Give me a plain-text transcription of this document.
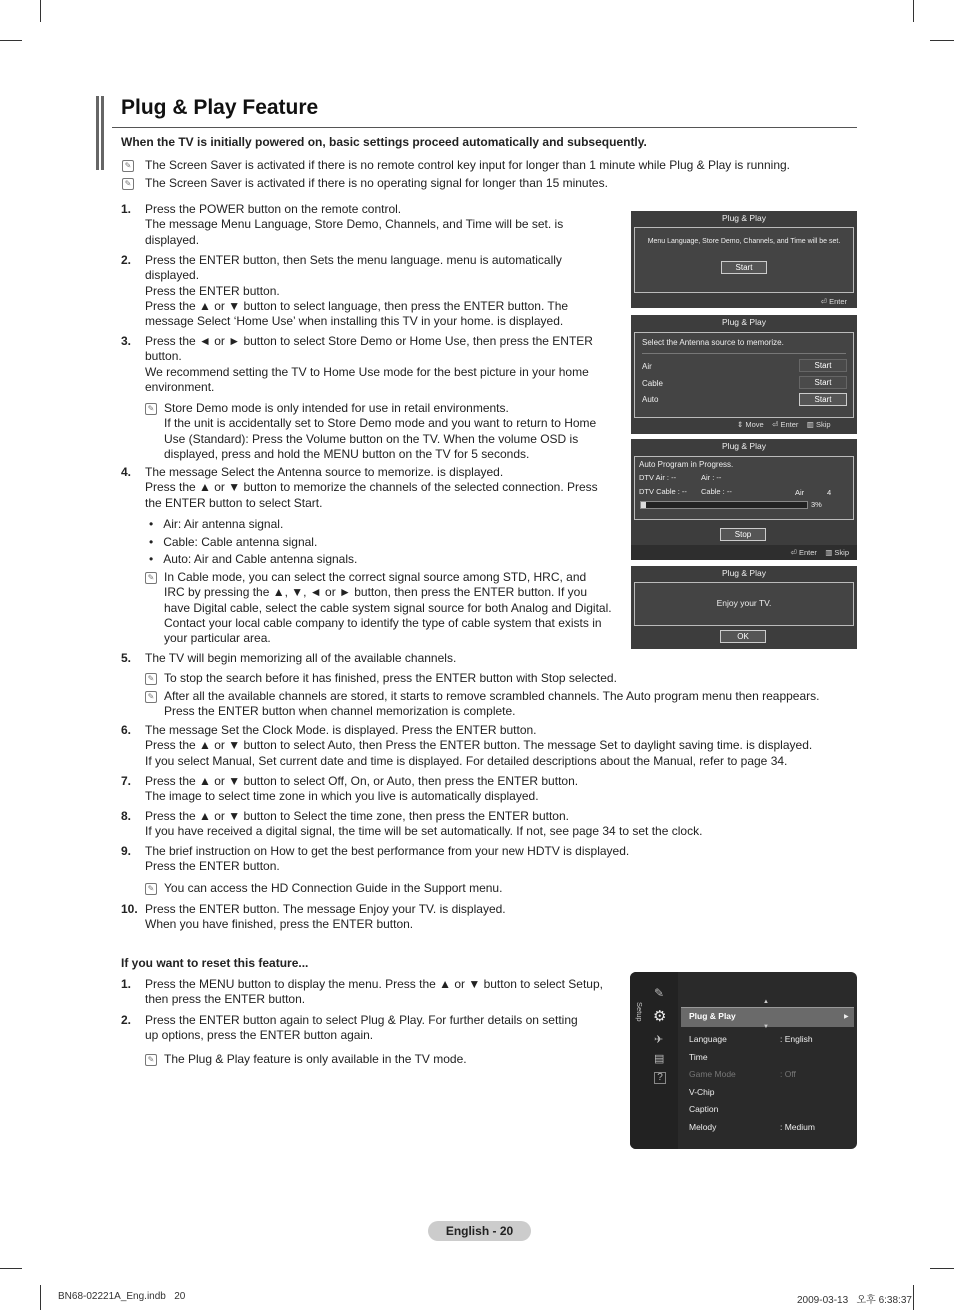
Plug & Play Feature
When the TV is initially powered on, basic settings proceed automatically and subsequently.
✎ The Screen Saver is activated if there is no remote control key input for longer than 1 minute while Plug & Play is running.
✎ The Screen Saver is activated if there is no operating signal for longer than 15 minutes.
1. Press the POWER button on the remote control.
The message Menu Language, Store Demo, Channels, and Time will be set. is
displayed.
2. Press the ENTER button, then Sets the menu language. menu is automatically
displayed.
Press the ENTER button.
Press the ▲ or ▼ button to select language, then press the ENTER button. The
message Select ‘Home Use’ when installing this TV in your home. is displayed.
3. Press the ◄ or ► button to select Store Demo or Home Use, then press the ENTER
button.
We recommend setting the TV to Home Use mode for the best picture in your home
environment.
✎ Store Demo mode is only intended for use in retail environments.
If the unit is accidentally set to Store Demo mode and you want to return to Home
Use (Standard): Press the Volume button on the TV. When the volume OSD is
displayed, press and hold the MENU button on the TV for 5 seconds.
4. The message Select the Antenna source to memorize. is displayed.
Press the ▲ or ▼ button to memorize the channels of the selected connection. Press
the ENTER button to select Start.
•   Air: Air antenna signal.
•   Cable: Cable antenna signal.
•   Auto: Air and Cable antenna signals.
✎ In Cable mode, you can select the correct signal source among STD, HRC, and
IRC by pressing the ▲, ▼, ◄ or ► button, then press the ENTER button. If you
have Digital cable, select the cable system signal source for both Analog and Digital.
Contact your local cable company to identify the type of cable system that exists in
your particular area.
5. The TV will begin memorizing all of the available channels.
✎ To stop the search before it has finished, press the ENTER button with Stop selected.
✎ After all the available channels are stored, it starts to remove scrambled channels. The Auto program menu then reappears.
Press the ENTER button when channel memorization is complete.
6. The message Set the Clock Mode. is displayed. Press the ENTER button.
Press the ▲ or ▼ button to select Auto, then Press the ENTER button. The message Set to daylight saving time. is displayed.
If you select Manual, Set current date and time is displayed. For detailed descriptions about the Manual, refer to page 34.
7. Press the ▲ or ▼ button to select Off, On, or Auto, then press the ENTER button.
The image to select time zone in which you live is automatically displayed.
8. Press the ▲ or ▼ button to Select the time zone, then press the ENTER button.
If you have received a digital signal, the time will be set automatically. If not, see page 34 to set the clock.
9. The brief instruction on How to get the best performance from your new HDTV is displayed.
Press the ENTER button.
✎ You can access the HD Connection Guide in the Support menu.
10. Press the ENTER button. The message Enjoy your TV. is displayed.
When you have finished, press the ENTER button.
If you want to reset this feature...
1. Press the MENU button to display the menu. Press the ▲ or ▼ button to select Setup,
then press the ENTER button.
2. Press the ENTER button again to select Plug & Play. For further details on setting
up options, press the ENTER button again.
✎ The Plug & Play feature is only available in the TV mode.
Plug & Play
Menu Language, Store Demo, Channels, and Time will be set.
Start
⏎ Enter
Plug & Play
Select the Antenna source to memorize.
Air	Start
Cable	Start
Auto	Start
⇕ Move ⏎ Enter ▥ Skip
Plug & Play
Auto Program in Progress.
DTV Air : --	Air : --
DTV Cable : -- Cable : --	Air	4
3%
Stop
⏎ Enter ▥ Skip
Plug & Play
Enjoy your TV.
OK
Setup
✎
⚙
✈
▤
?
▲
Plug & Play	▶
▼
Language	: English
Time
Game Mode	: Off
V-Chip
Caption
Melody	: Medium
English - 20
BN68-02221A_Eng.indb   20	2009-03-13   오후 6:38:37
